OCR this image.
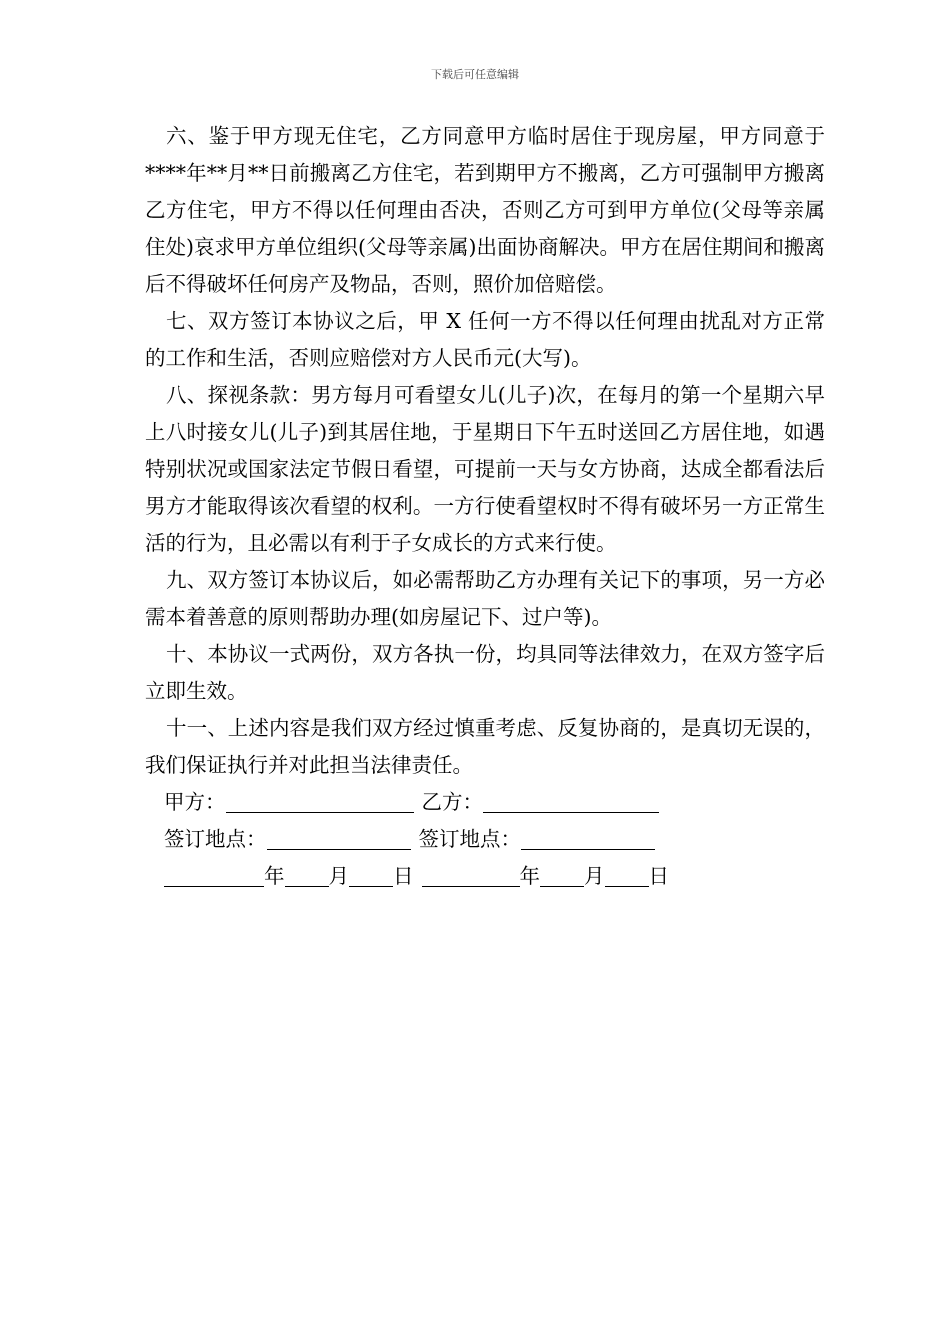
下载后可任意编辑

六、鉴于甲方现无住宅，乙方同意甲方临时居住于现房屋，甲方同意于****年**月**日前搬离乙方住宅，若到期甲方不搬离，乙方可强制甲方搬离乙方住宅，甲方不得以任何理由否决，否则乙方可到甲方单位(父母等亲属住处)哀求甲方单位组织(父母等亲属)出面协商解决。甲方在居住期间和搬离后不得破坏任何房产及物品，否则，照价加倍赔偿。

七、双方签订本协议之后，甲 X 任何一方不得以任何理由扰乱对方正常的工作和生活，否则应赔偿对方人民币元(大写)。

八、探视条款：男方每月可看望女儿(儿子)次，在每月的第一个星期六早上八时接女儿(儿子)到其居住地，于星期日下午五时送回乙方居住地，如遇特别状况或国家法定节假日看望，可提前一天与女方协商，达成全都看法后男方才能取得该次看望的权利。一方行使看望权时不得有破坏另一方正常生活的行为，且必需以有利于子女成长的方式来行使。

九、双方签订本协议后，如必需帮助乙方办理有关记下的事项，另一方必需本着善意的原则帮助办理(如房屋记下、过户等)。

十、本协议一式两份，双方各执一份，均具同等法律效力，在双方签字后立即生效。

十一、上述内容是我们双方经过慎重考虑、反复协商的，是真切无误的，我们保证执行并对此担当法律责任。

甲方：	乙方：
签订地点：	签订地点：
年 月 日	年 月 日
